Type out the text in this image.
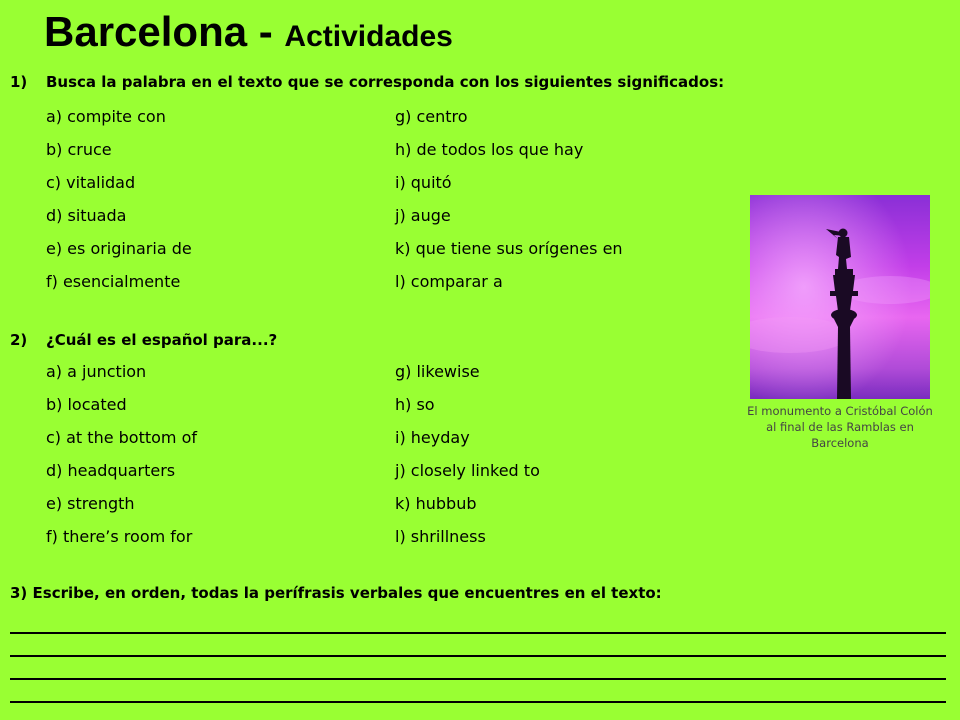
Barcelona - Actividades
1) Busca la palabra en el texto que se corresponda con los siguientes significados:
a) compite con
b) cruce
c) vitalidad
d) situada
e) es originaria de
f) esencialmente
g) centro
h) de todos los que hay
i) quitó
j) auge
k) que tiene sus orígenes en
l) comparar a
2) ¿Cuál es el español para...?
a) a junction
b) located
c) at the bottom of
d) headquarters
e) strength
f) there’s room for
g) likewise
h) so
i) heyday
j) closely linked to
k) hubbub
l) shrillness
3) Escribe, en orden, todas la perífrasis verbales que encuentres en el texto:
El monumento a Cristóbal Colón al final de las Ramblas en Barcelona
